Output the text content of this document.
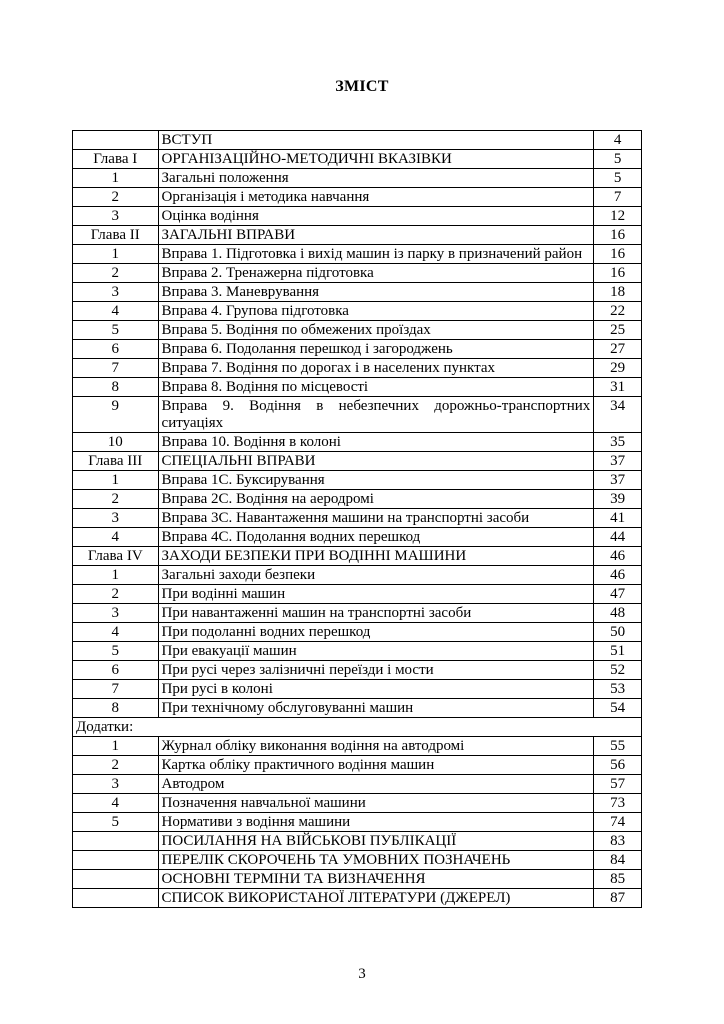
ЗМІСТ
	ВСТУП	4
Глава І	ОРГАНІЗАЦІЙНО-МЕТОДИЧНІ ВКАЗІВКИ	5
1	Загальні положення	5
2	Організація і методика навчання	7
3	Оцінка водіння	12
Глава ІІ	ЗАГАЛЬНІ ВПРАВИ	16
1	Вправа 1. Підготовка і вихід машин із парку в призначений район	16
2	Вправа 2. Тренажерна підготовка	16
3	Вправа 3. Маневрування	18
4	Вправа 4. Групова підготовка	22
5	Вправа 5. Водіння по обмежених проїздах	25
6	Вправа 6. Подолання перешкод і загороджень	27
7	Вправа 7. Водіння по дорогах і в населених пунктах	29
8	Вправа 8. Водіння по місцевості	31
9	Вправа 9. Водіння в небезпечних дорожньо-транспортних ситуаціях	34
10	Вправа 10. Водіння в колоні	35
Глава ІІІ	СПЕЦІАЛЬНІ ВПРАВИ	37
1	Вправа 1С. Буксирування	37
2	Вправа 2С. Водіння на аеродромі	39
3	Вправа 3С. Навантаження машини на транспортні засоби	41
4	Вправа 4С. Подолання водних перешкод	44
Глава IV	ЗАХОДИ БЕЗПЕКИ ПРИ ВОДІННІ МАШИНИ	46
1	Загальні заходи безпеки	46
2	При водінні машин	47
3	При навантаженні машин на транспортні засоби	48
4	При подоланні водних перешкод	50
5	При евакуації машин	51
6	При русі через залізничні переїзди і мости	52
7	При русі в колоні	53
8	При технічному обслуговуванні машин	54
Додатки:		
1	Журнал обліку виконання водіння на автодромі	55
2	Картка обліку практичного водіння машин	56
3	Автодром	57
4	Позначення навчальної машини	73
5	Нормативи з водіння машини	74
	ПОСИЛАННЯ НА ВІЙСЬКОВІ ПУБЛІКАЦІЇ	83
	ПЕРЕЛІК СКОРОЧЕНЬ ТА УМОВНИХ ПОЗНАЧЕНЬ	84
	ОСНОВНІ ТЕРМІНИ ТА ВИЗНАЧЕННЯ	85
	СПИСОК ВИКОРИСТАНОЇ ЛІТЕРАТУРИ (ДЖЕРЕЛ)	87
3
